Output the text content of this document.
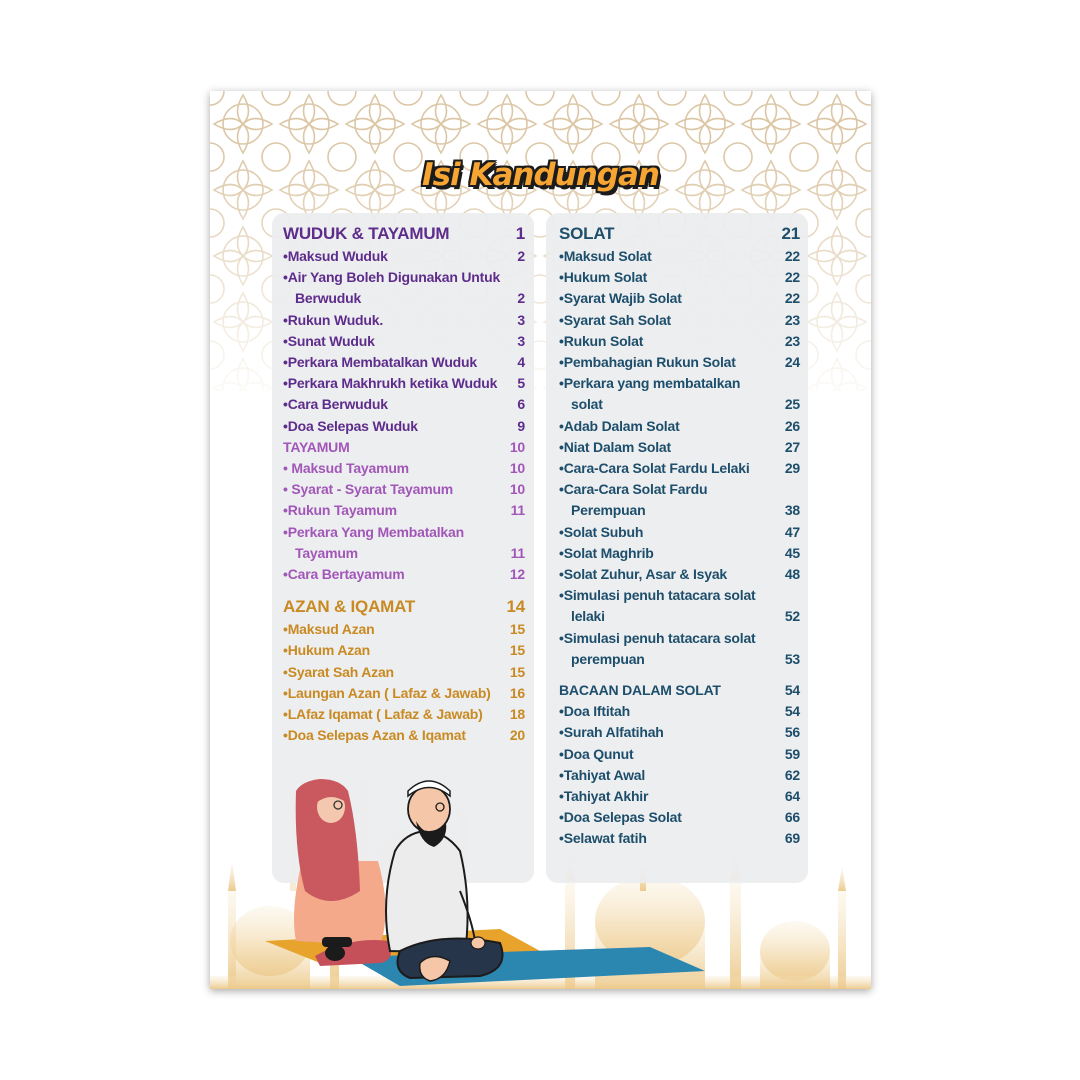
Isi Kandungan
WUDUK & TAYAMUM	1
• Maksud Wuduk	2
• Air Yang Boleh Digunakan Untuk
Berwuduk	2
• Rukun Wuduk.	3
• Sunat Wuduk	3
• Perkara Membatalkan Wuduk	4
• Perkara Makhrukh ketika Wuduk	5
• Cara Berwuduk	6
• Doa Selepas Wuduk	9
TAYAMUM	10
• Maksud Tayamum	10
• Syarat - Syarat Tayamum	10
• Rukun Tayamum	11
• Perkara Yang Membatalkan
Tayamum	11
• Cara Bertayamum	12
AZAN & IQAMAT	14
• Maksud Azan	15
• Hukum Azan	15
• Syarat Sah Azan	15
• Laungan Azan ( Lafaz & Jawab)	16
• LAfaz Iqamat ( Lafaz & Jawab)	18
• Doa Selepas Azan & Iqamat	20
SOLAT	21
• Maksud Solat	22
• Hukum Solat	22
• Syarat Wajib Solat	22
• Syarat Sah Solat	23
• Rukun Solat	23
• Pembahagian Rukun Solat	24
• Perkara yang membatalkan
solat	25
• Adab Dalam Solat	26
• Niat Dalam Solat	27
• Cara-Cara Solat Fardu Lelaki	29
• Cara-Cara Solat Fardu
Perempuan	38
• Solat Subuh	47
• Solat Maghrib	45
• Solat Zuhur, Asar & Isyak	48
• Simulasi penuh tatacara solat
lelaki	52
• Simulasi penuh tatacara solat
perempuan	53
BACAAN DALAM SOLAT	54
• Doa Iftitah	54
• Surah Alfatihah	56
• Doa Qunut	59
• Tahiyat Awal	62
• Tahiyat Akhir	64
• Doa Selepas Solat	66
• Selawat fatih	69
